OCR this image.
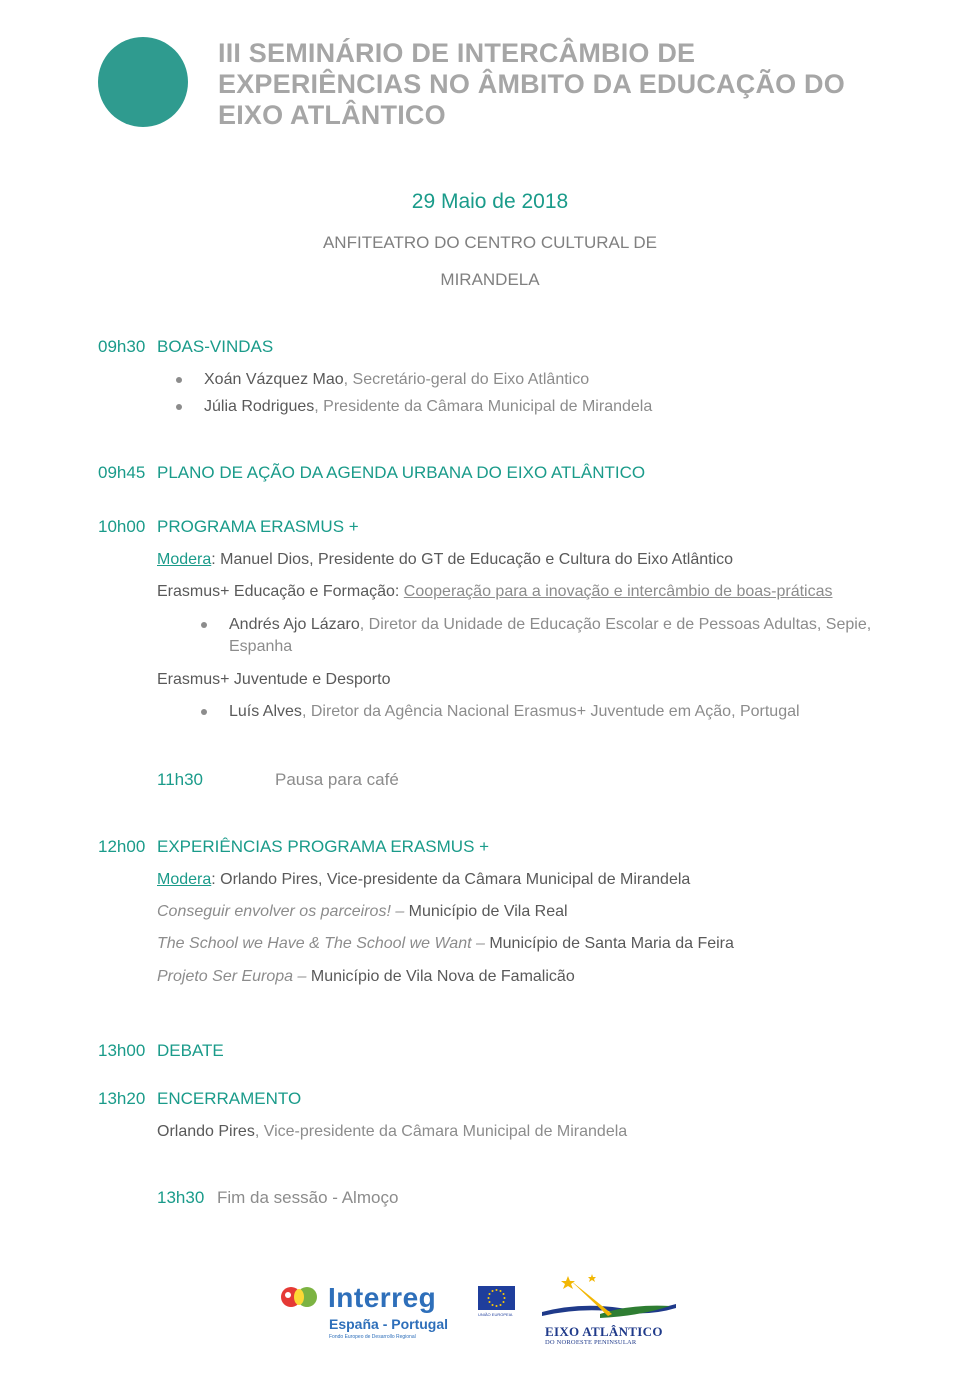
III SEMINÁRIO DE INTERCÂMBIO DE
EXPERIÊNCIAS NO ÂMBITO DA EDUCAÇÃO DO
EIXO ATLÂNTICO
29 Maio de 2018
ANFITEATRO DO CENTRO CULTURAL DE
MIRANDELA
09h30 BOAS-VINDAS
Xoán Vázquez Mao, Secretário-geral do Eixo Atlântico
Júlia Rodrigues, Presidente da Câmara Municipal de Mirandela
09h45 PLANO DE AÇÃO DA AGENDA URBANA DO EIXO ATLÂNTICO
10h00 PROGRAMA ERASMUS +
Modera: Manuel Dios, Presidente do GT de Educação e Cultura do Eixo Atlântico
Erasmus+ Educação e Formação: Cooperação para a inovação e intercâmbio de boas-práticas
Andrés Ajo Lázaro, Diretor da Unidade de Educação Escolar e de Pessoas Adultas, Sepie,
Espanha
Erasmus+ Juventude e Desporto
Luís Alves, Diretor da Agência Nacional Erasmus+ Juventude em Ação, Portugal
11h30	Pausa para café
12h00 EXPERIÊNCIAS PROGRAMA ERASMUS +
Modera: Orlando Pires, Vice-presidente da Câmara Municipal de Mirandela
Conseguir envolver os parceiros! – Município de Vila Real
The School we Have & The School we Want – Município de Santa Maria da Feira
Projeto Ser Europa – Município de Vila Nova de Famalicão
13h00 DEBATE
13h20 ENCERRAMENTO
Orlando Pires, Vice-presidente da Câmara Municipal de Mirandela
13h30 Fim da sessão - Almoço
Interreg
España - Portugal
Fondo Europeo de Desarrollo Regional
UNIÃO EUROPEIA
EIXO ATLÂNTICO
DO NOROESTE PENINSULAR
